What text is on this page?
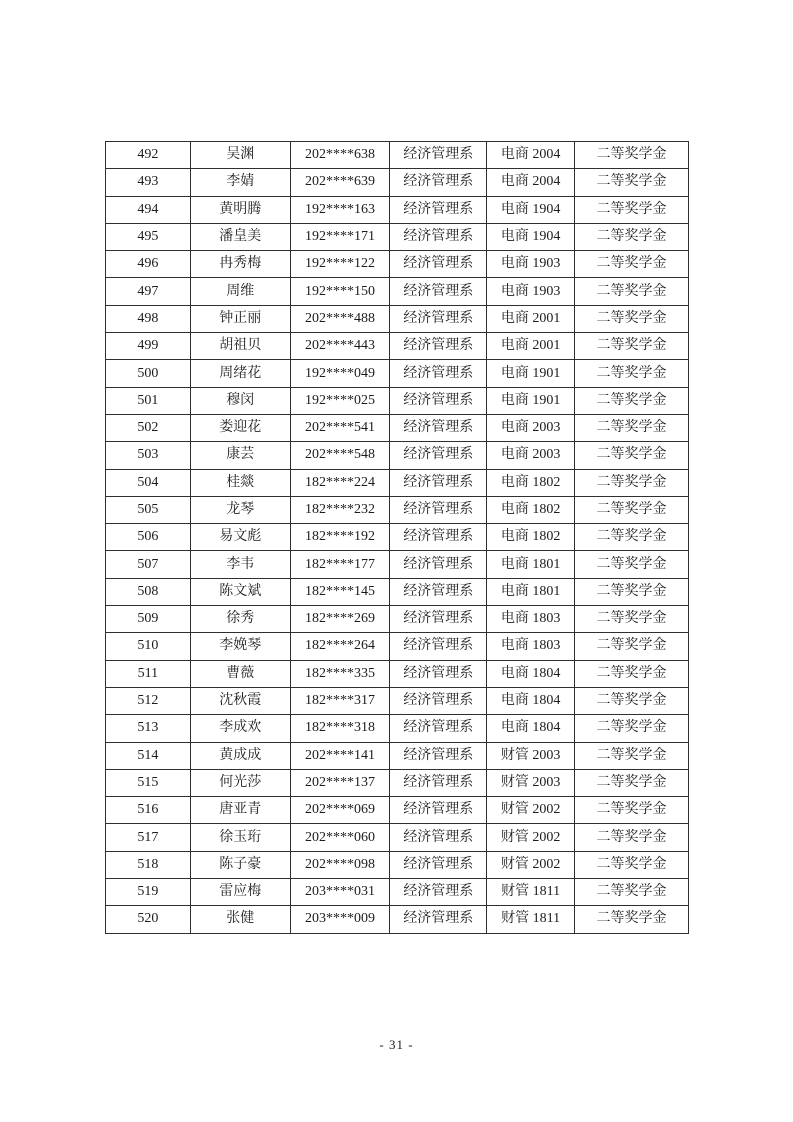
492	吴渊	202****638	经济管理系	电商 2004	二等奖学金
493	李婧	202****639	经济管理系	电商 2004	二等奖学金
494	黄明腾	192****163	经济管理系	电商 1904	二等奖学金
495	潘皇美	192****171	经济管理系	电商 1904	二等奖学金
496	冉秀梅	192****122	经济管理系	电商 1903	二等奖学金
497	周维	192****150	经济管理系	电商 1903	二等奖学金
498	钟正丽	202****488	经济管理系	电商 2001	二等奖学金
499	胡祖贝	202****443	经济管理系	电商 2001	二等奖学金
500	周绪花	192****049	经济管理系	电商 1901	二等奖学金
501	穆闵	192****025	经济管理系	电商 1901	二等奖学金
502	娄迎花	202****541	经济管理系	电商 2003	二等奖学金
503	康芸	202****548	经济管理系	电商 2003	二等奖学金
504	桂燚	182****224	经济管理系	电商 1802	二等奖学金
505	龙琴	182****232	经济管理系	电商 1802	二等奖学金
506	易文彪	182****192	经济管理系	电商 1802	二等奖学金
507	李韦	182****177	经济管理系	电商 1801	二等奖学金
508	陈文斌	182****145	经济管理系	电商 1801	二等奖学金
509	徐秀	182****269	经济管理系	电商 1803	二等奖学金
510	李娩琴	182****264	经济管理系	电商 1803	二等奖学金
511	曹薇	182****335	经济管理系	电商 1804	二等奖学金
512	沈秋霞	182****317	经济管理系	电商 1804	二等奖学金
513	李成欢	182****318	经济管理系	电商 1804	二等奖学金
514	黄成成	202****141	经济管理系	财管 2003	二等奖学金
515	何光莎	202****137	经济管理系	财管 2003	二等奖学金
516	唐亚青	202****069	经济管理系	财管 2002	二等奖学金
517	徐玉珩	202****060	经济管理系	财管 2002	二等奖学金
518	陈子豪	202****098	经济管理系	财管 2002	二等奖学金
519	雷应梅	203****031	经济管理系	财管 1811	二等奖学金
520	张健	203****009	经济管理系	财管 1811	二等奖学金
- 31 -
